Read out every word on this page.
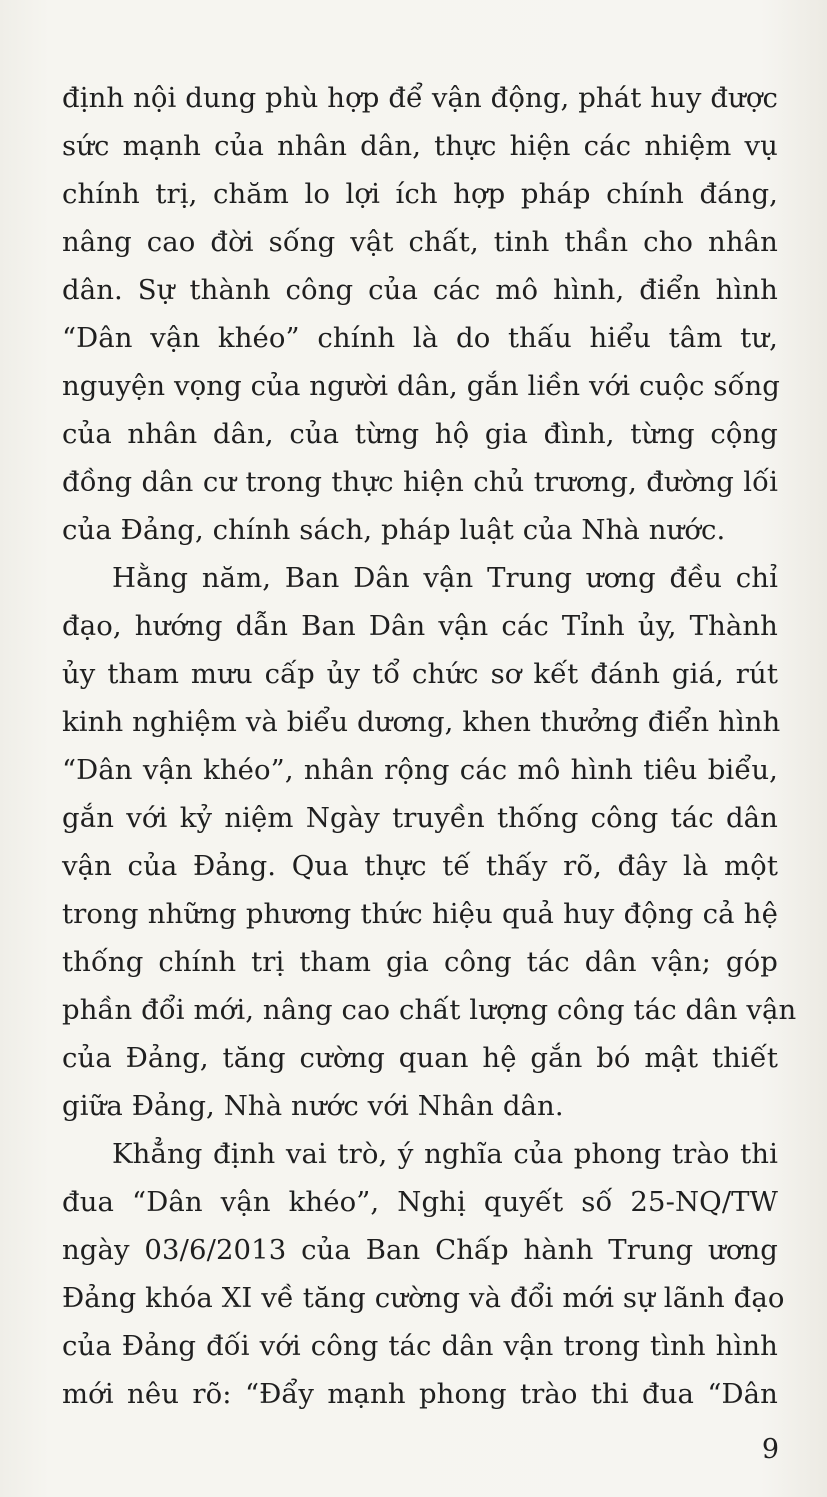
định nội dung phù hợp để vận động, phát huy được
sức mạnh của nhân dân, thực hiện các nhiệm vụ
chính trị, chăm lo lợi ích hợp pháp chính đáng,
nâng cao đời sống vật chất, tinh thần cho nhân
dân. Sự thành công của các mô hình, điển hình
“Dân vận khéo” chính là do thấu hiểu tâm tư,
nguyện vọng của người dân, gắn liền với cuộc sống
của nhân dân, của từng hộ gia đình, từng cộng
đồng dân cư trong thực hiện chủ trương, đường lối
của Đảng, chính sách, pháp luật của Nhà nước.
Hằng năm, Ban Dân vận Trung ương đều chỉ
đạo, hướng dẫn Ban Dân vận các Tỉnh ủy, Thành
ủy tham mưu cấp ủy tổ chức sơ kết đánh giá, rút
kinh nghiệm và biểu dương, khen thưởng điển hình
“Dân vận khéo”, nhân rộng các mô hình tiêu biểu,
gắn với kỷ niệm Ngày truyền thống công tác dân
vận của Đảng. Qua thực tế thấy rõ, đây là một
trong những phương thức hiệu quả huy động cả hệ
thống chính trị tham gia công tác dân vận; góp
phần đổi mới, nâng cao chất lượng công tác dân vận
của Đảng, tăng cường quan hệ gắn bó mật thiết
giữa Đảng, Nhà nước với Nhân dân.
Khẳng định vai trò, ý nghĩa của phong trào thi
đua “Dân vận khéo”, Nghị quyết số 25-NQ/TW
ngày 03/6/2013 của Ban Chấp hành Trung ương
Đảng khóa XI về tăng cường và đổi mới sự lãnh đạo
của Đảng đối với công tác dân vận trong tình hình
mới nêu rõ: “Đẩy mạnh phong trào thi đua “Dân
9
